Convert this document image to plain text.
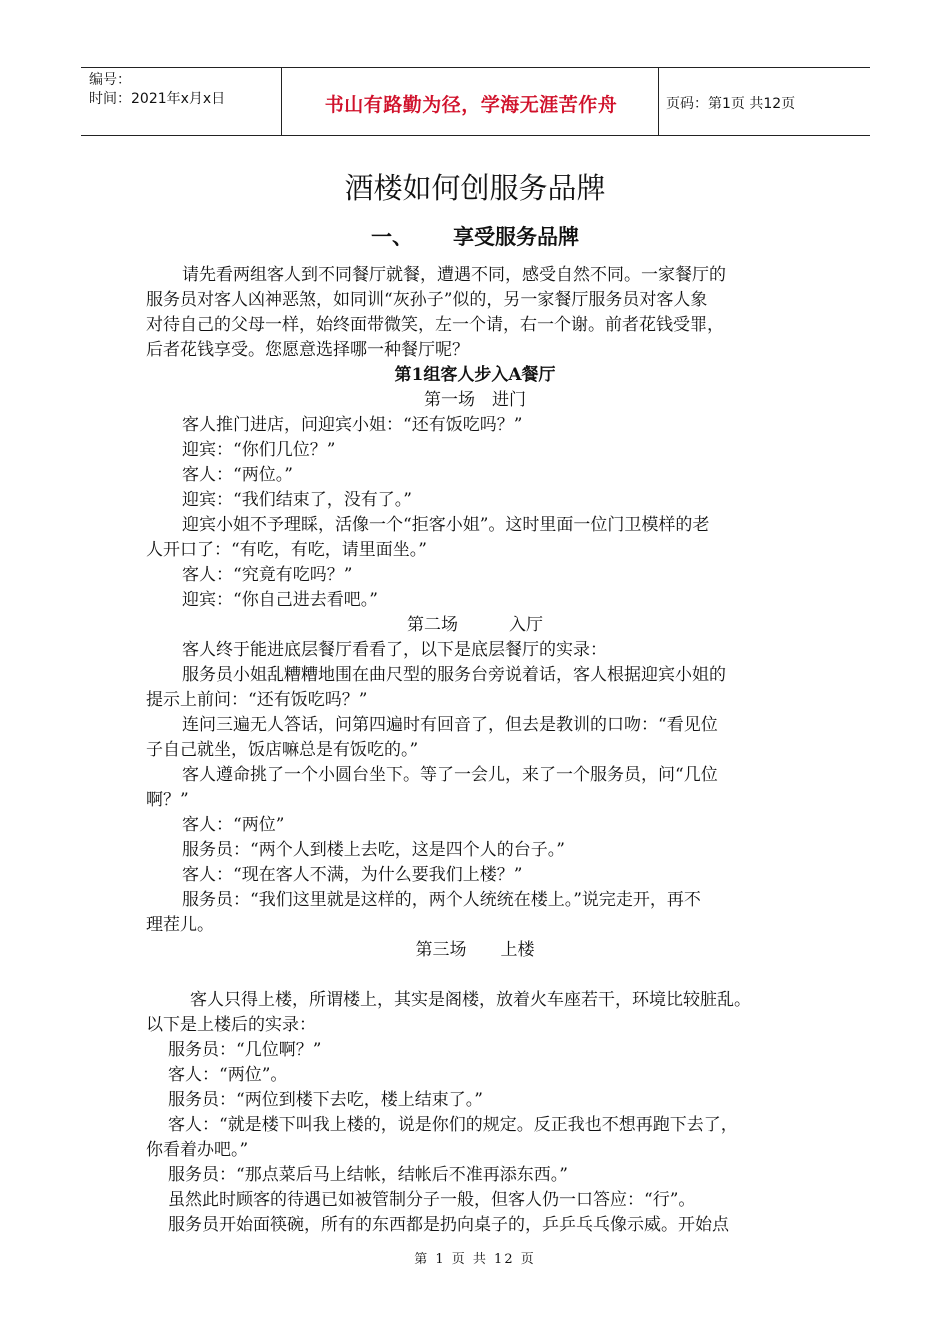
编号：
时间：2021年x月x日	书山有路勤为径，学海无涯苦作舟	页码：第1页 共12页
酒楼如何创服务品牌
一、 享受服务品牌
请先看两组客人到不同餐厅就餐，遭遇不同，感受自然不同。一家餐厅的
服务员对客人凶神恶煞，如同训“灰孙子”似的，另一家餐厅服务员对客人象
对待自己的父母一样，始终面带微笑，左一个请，右一个谢。前者花钱受罪，
后者花钱享受。您愿意选择哪一种餐厅呢？
第1组客人步入A餐厅
第一场　进门
客人推门进店，问迎宾小姐：“还有饭吃吗？”
迎宾：“你们几位？”
客人：“两位。”
迎宾：“我们结束了，没有了。”
迎宾小姐不予理睬，活像一个“拒客小姐”。这时里面一位门卫模样的老
人开口了：“有吃，有吃，请里面坐。”
客人：“究竟有吃吗？”
迎宾：“你自己进去看吧。”
第二场　　　入厅
客人终于能进底层餐厅看看了，以下是底层餐厅的实录：
服务员小姐乱糟糟地围在曲尺型的服务台旁说着话，客人根据迎宾小姐的
提示上前问：“还有饭吃吗？”
连问三遍无人答话，问第四遍时有回音了，但去是教训的口吻：“看见位
子自己就坐，饭店嘛总是有饭吃的。”
客人遵命挑了一个小圆台坐下。等了一会儿，来了一个服务员，问“几位
啊？”
客人：“两位”
服务员：“两个人到楼上去吃，这是四个人的台子。”
客人：“现在客人不满，为什么要我们上楼？”
服务员：“我们这里就是这样的，两个人统统在楼上。”说完走开，再不
理茬儿。
第三场　　上楼
客人只得上楼，所谓楼上，其实是阁楼，放着火车座若干，环境比较脏乱。
以下是上楼后的实录：
服务员：“几位啊？”
客人：“两位”。
服务员：“两位到楼下去吃，楼上结束了。”
客人：“就是楼下叫我上楼的，说是你们的规定。反正我也不想再跑下去了，
你看着办吧。”
服务员：“那点菜后马上结帐，结帐后不准再添东西。”
虽然此时顾客的待遇已如被管制分子一般，但客人仍一口答应：“行”。
服务员开始面筷碗，所有的东西都是扔向桌子的，乒乒乓乓像示威。开始点
第 1 页 共 12 页
